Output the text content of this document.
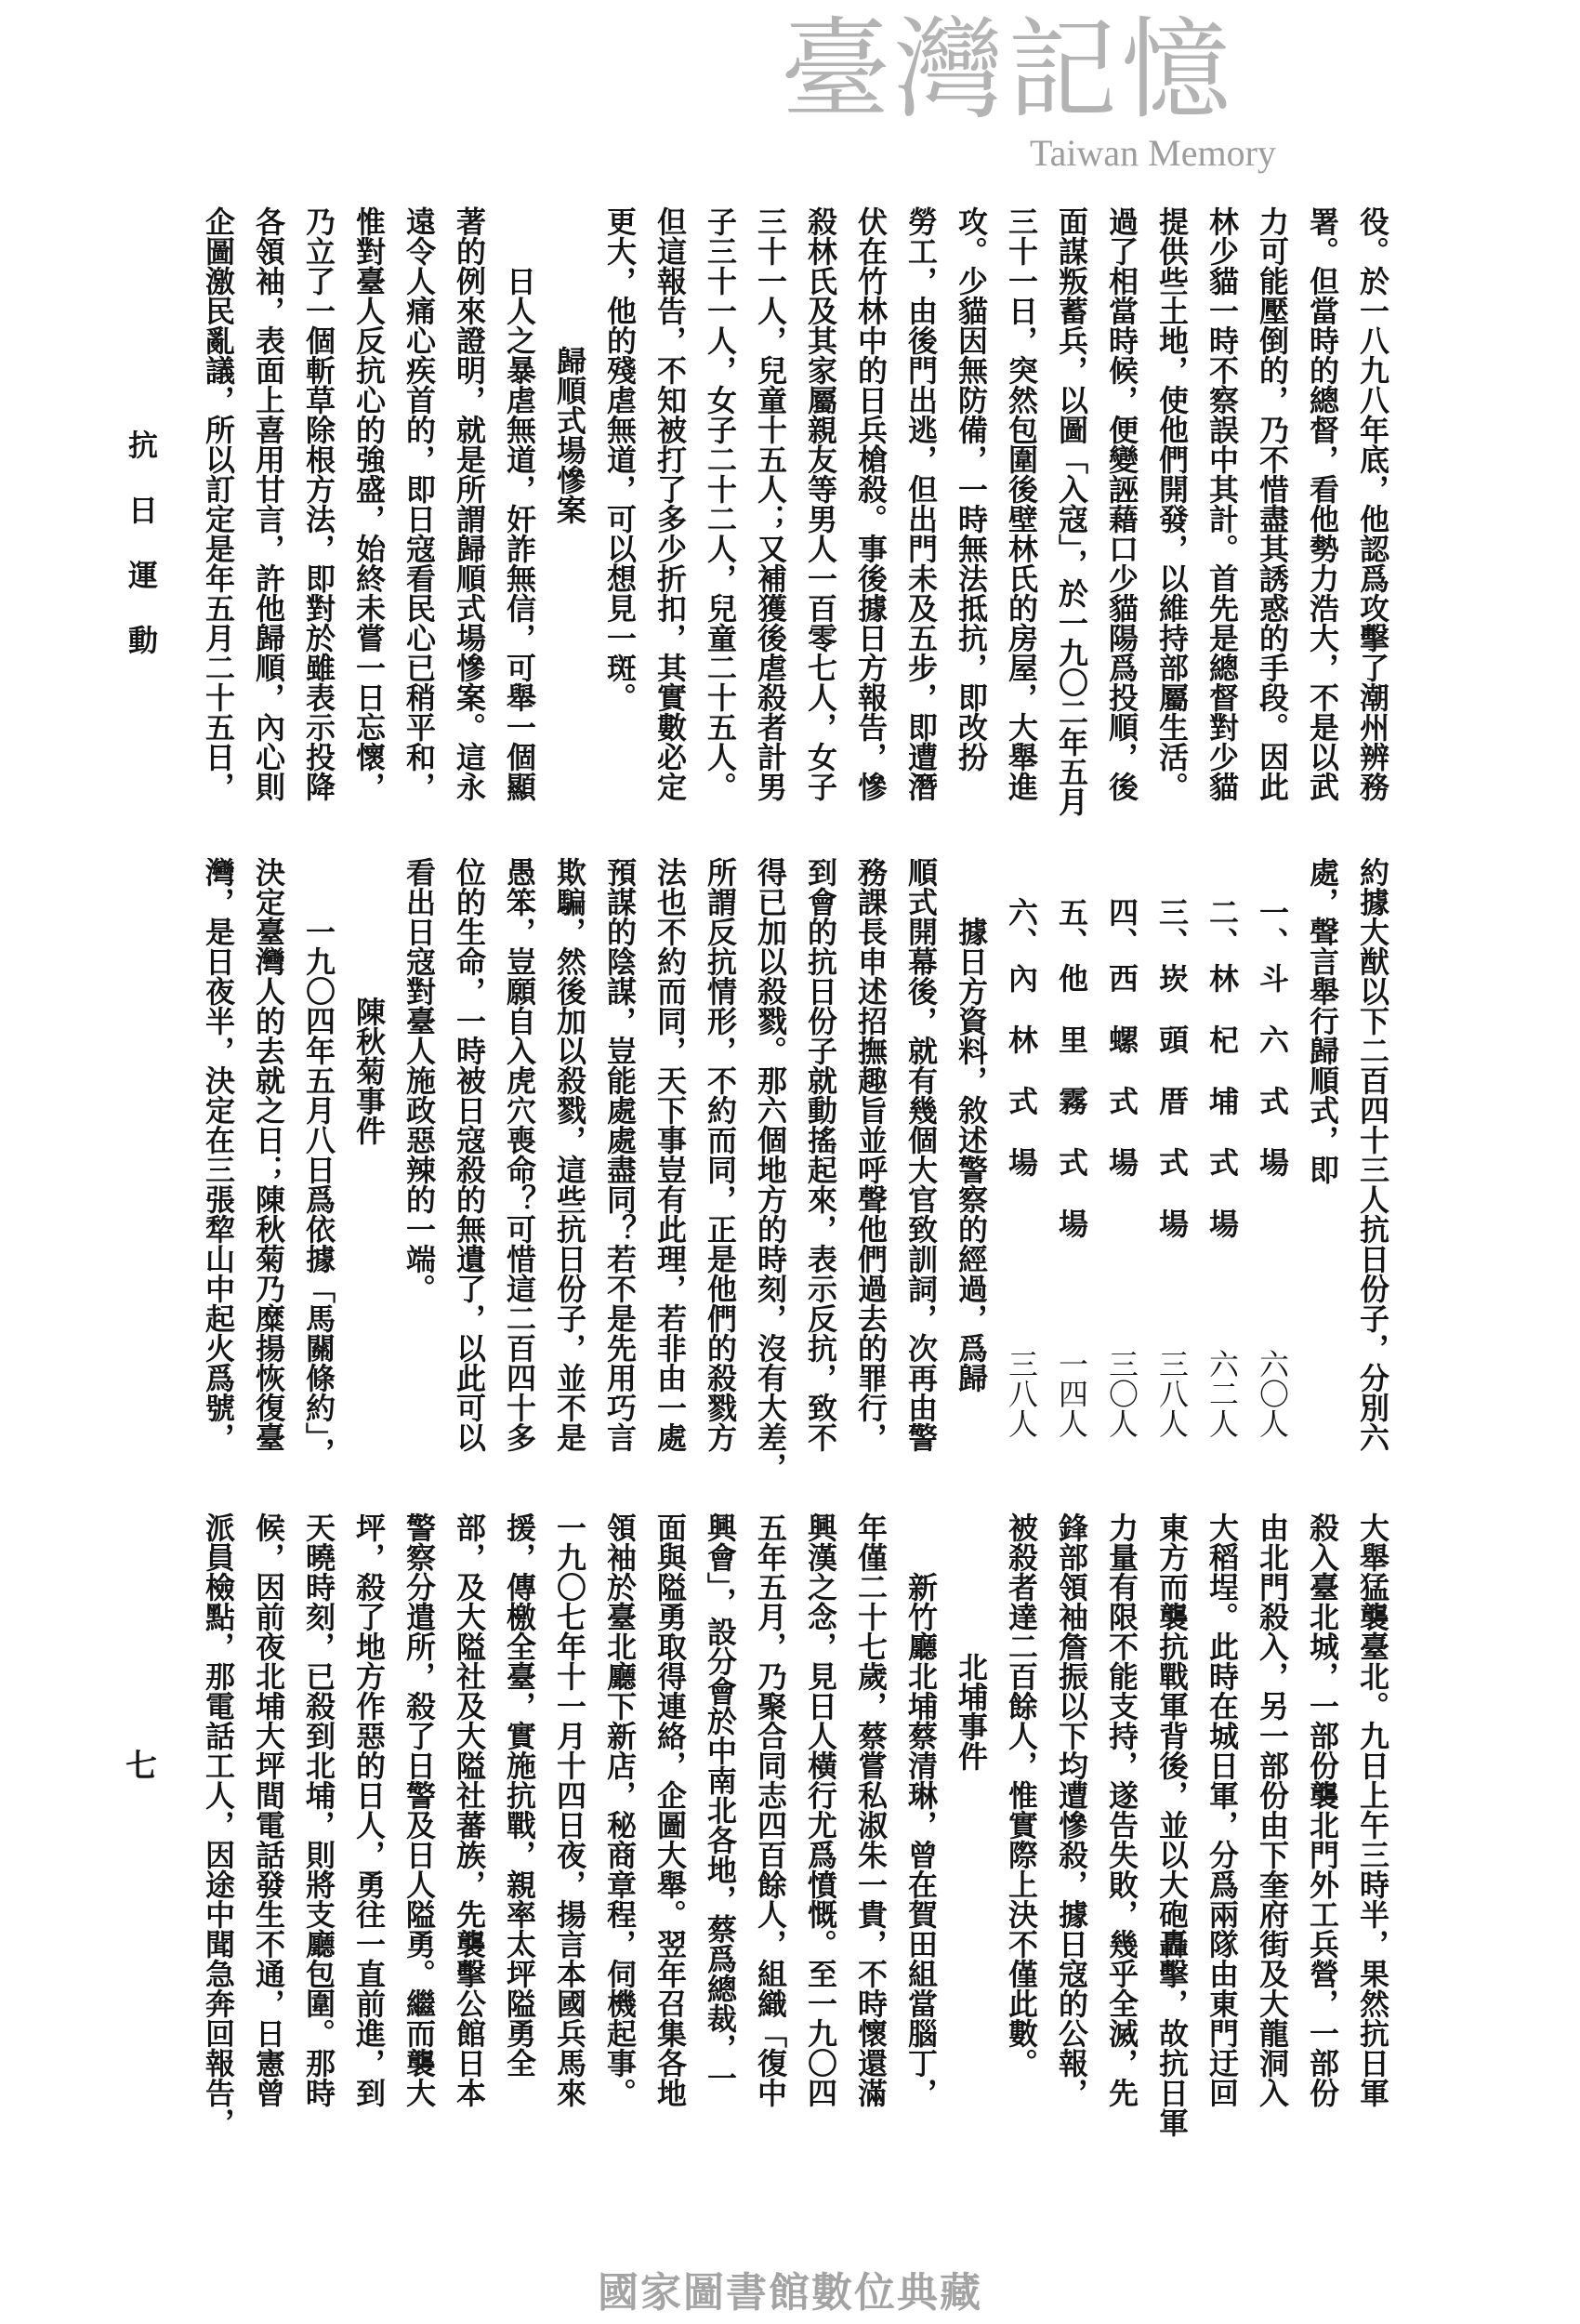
抗日運動
七
役。於一八九八年底，他認爲攻擊了潮州辨務
署。但當時的總督，看他勢力浩大，不是以武
力可能壓倒的，乃不惜盡其誘惑的手段。因此
林少貓一時不察誤中其計。首先是總督對少貓
提供些土地，使他們開發，以維持部屬生活。
過了相當時候，便變誣藉口少貓陽爲投順，後
面謀叛蓄兵，以圖「入寇」，於一九〇二年五月
三十一日，突然包圍後壁林氏的房屋，大舉進
攻。少貓因無防備，一時無法抵抗，即改扮
勞工，由後門出逃，但出門未及五步，即遭潛
伏在竹林中的日兵槍殺。事後據日方報告，慘
殺林氏及其家屬親友等男人一百零七人，女子
三十一人，兒童十五人；又補獲後虐殺者計男
子三十一人，女子二十二人，兒童二十五人。
但這報告，不知被打了多少折扣，其實數必定
更大，他的殘虐無道，可以想見一斑。
歸順式場慘案
日人之暴虐無道，奸詐無信，可舉一個顯
著的例來證明，就是所謂歸順式場慘案。這永
遠令人痛心疾首的，即日寇看民心已稍平和，
惟對臺人反抗心的強盛，始終未嘗一日忘懷，
乃立了一個斬草除根方法，即對於雖表示投降
各領袖，表面上喜用甘言，許他歸順，內心則
企圖激民亂議，所以訂定是年五月二十五日，
約據大猷以下二百四十三人抗日份子，分別六
處，聲言舉行歸順式，即
一、
斗六式場
六〇人
二、
林杞埔式場
六二人
三、
崁頭厝式場
三八人
四、
西螺式場
三〇人
五、
他里霧式場
一四人
六、
內林式場
三八人
據日方資料，敘述警察的經過，爲歸
順式開幕後，就有幾個大官致訓詞，次再由警
務課長申述招撫趣旨並呼聲他們過去的罪行，
到會的抗日份子就動搖起來，表示反抗，致不
得已加以殺戮。那六個地方的時刻，沒有大差，
所謂反抗情形，不約而同，正是他們的殺戮方
法也不約而同，天下事豈有此理，若非由一處
預謀的陰謀，豈能處處盡同？若不是先用巧言
欺騙，然後加以殺戮，這些抗日份子，並不是
愚笨，豈願自入虎穴喪命？可惜這二百四十多
位的生命，一時被日寇殺的無遺了，以此可以
看出日寇對臺人施政惡辣的一端。
陳秋菊事件
一九〇四年五月八日爲依據「馬關條約」，
決定臺灣人的去就之日；陳秋菊乃糜揚恢復臺
灣，是日夜半，決定在三張犂山中起火爲號，
大舉猛襲臺北。九日上午三時半，果然抗日軍
殺入臺北城，一部份襲北門外工兵營，一部份
由北門殺入，另一部份由下奎府街及大龍洞入
大稻埕。此時在城日軍，分爲兩隊由東門迂回
東方而襲抗戰軍背後，並以大砲轟擊，故抗日軍
力量有限不能支持，遂告失敗，幾乎全滅，先
鋒部領袖詹振以下均遭慘殺，據日寇的公報，
被殺者達二百餘人，惟實際上決不僅此數。
北埔事件
新竹廳北埔蔡清琳，曾在賀田組當腦丁，
年僅二十七歲，蔡嘗私淑朱一貴，不時懷還滿
興漢之念，見日人橫行尤爲憤慨。至一九〇四
五年五月，乃聚合同志四百餘人，組織「復中
興會」，設分會於中南北各地，蔡爲總裁，一
面與隘勇取得連絡，企圖大舉。翌年召集各地
領袖於臺北廳下新店，秘商章程，伺機起事。
一九〇七年十一月十四日夜，揚言本國兵馬來
援，傳檄全臺，實施抗戰，親率太坪隘勇全
部，及大隘社及大隘社蕃族，先襲擊公館日本
警察分遣所，殺了日警及日人隘勇。繼而襲大
坪，殺了地方作惡的日人，勇往一直前進，到
天曉時刻，已殺到北埔，則將支廳包圍。那時
候，因前夜北埔大坪間電話發生不通，日憲曾
派員檢點，那電話工人，因途中聞急奔回報告，
臺灣記憶
Taiwan Memory
國家圖書館數位典藏
